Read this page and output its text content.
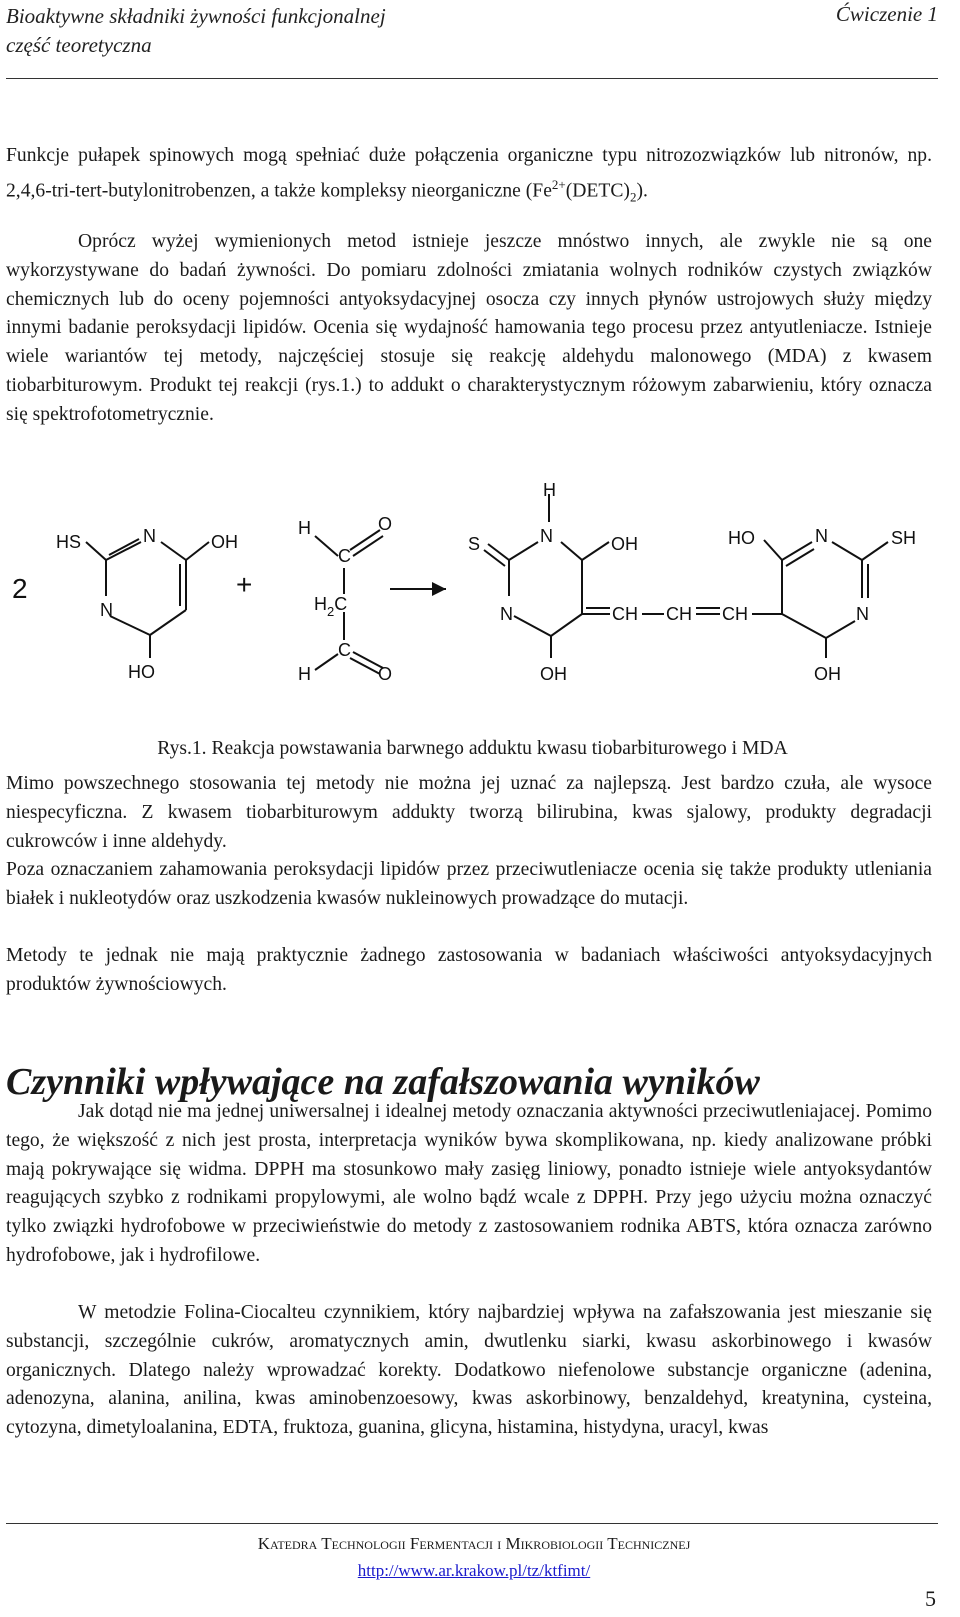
Bioaktywne składniki żywności funkcjonalnej
część teoretyczna
Ćwiczenie 1

Funkcje pułapek spinowych mogą spełniać duże połączenia organiczne typu nitrozozwiązków lub nitronów, np. 2,4,6-tri-tert-butylonitrobenzen, a także kompleksy nieorganiczne $(Fe^{2+}(DETC)_2)$.

Oprócz wyżej wymienionych metod istnieje jeszcze mnóstwo innych, ale zwykle nie są one wykorzystywane do badań żywności. Do pomiaru zdolności zmiatania wolnych rodników czystych związków chemicznych lub do oceny pojemności antyoksydacyjnej osocza czy innych płynów ustrojowych służy między innymi badanie peroksydacji lipidów. Ocenia się wydajność hamowania tego procesu przez antyutleniacze. Istnieje wiele wariantów tej metody, najczęściej stosuje się reakcję aldehydu malonowego (MDA) z kwasem tiobarbiturowym. Produkt tej reakcji (rys.1.) to addukt o charakterystycznym różowym zabarwieniu, który oznacza się spektrofotometrycznie.

2	+
HS	N	OH
N
HO
H	O
C
$H_2C$
C
H	O
H
N
S	OH
N
OH
CH CH CH
HO	N	SH
N
OH
Rys.1. Reakcja powstawania barwnego adduktu kwasu tiobarbiturowego i MDA

Mimo powszechnego stosowania tej metody nie można jej uznać za najlepszą. Jest bardzo czuła, ale wysoce niespecyficzna. Z kwasem tiobarbiturowym addukty tworzą bilirubina, kwas sjalowy, produkty degradacji cukrowców i inne aldehydy.

Poza oznaczaniem zahamowania peroksydacji lipidów przez przeciwutleniacze ocenia się także produkty utleniania białek i nukleotydów oraz uszkodzenia kwasów nukleinowych prowadzące do mutacji.

Metody te jednak nie mają praktycznie żadnego zastosowania w badaniach właściwości antyoksydacyjnych produktów żywnościowych.

Czynniki wpływające na zafałszowania wyników

Jak dotąd nie ma jednej uniwersalnej i idealnej metody oznaczania aktywności przeciwutleniajacej. Pomimo tego, że większość z nich jest prosta, interpretacja wyników bywa skomplikowana, np. kiedy analizowane próbki mają pokrywające się widma. DPPH ma stosunkowo mały zasięg liniowy, ponadto istnieje wiele antyoksydantów reagujących szybko z rodnikami propylowymi, ale wolno bądź wcale z DPPH. Przy jego użyciu można oznaczyć tylko związki hydrofobowe w przeciwieństwie do metody z zastosowaniem rodnika ABTS, która oznacza zarówno hydrofobowe, jak i hydrofilowe.

W metodzie Folina-Ciocalteu czynnikiem, który najbardziej wpływa na zafałszowania jest mieszanie się substancji, szczególnie cukrów, aromatycznych amin, dwutlenku siarki, kwasu askorbinowego i kwasów organicznych. Dlatego należy wprowadzać korekty. Dodatkowo niefenolowe substancje organiczne (adenina, adenozyna, alanina, anilina, kwas aminobenzoesowy, kwas askorbinowy, benzaldehyd, kreatynina, cysteina, cytozyna, dimetyloalanina, EDTA, fruktoza, guanina, glicyna, histamina, histydyna, uracyl, kwas

Katedra Technologii Fermentacji i Mikrobiologii Technicznej
http://www.ar.krakow.pl/tz/ktfimt/
5
